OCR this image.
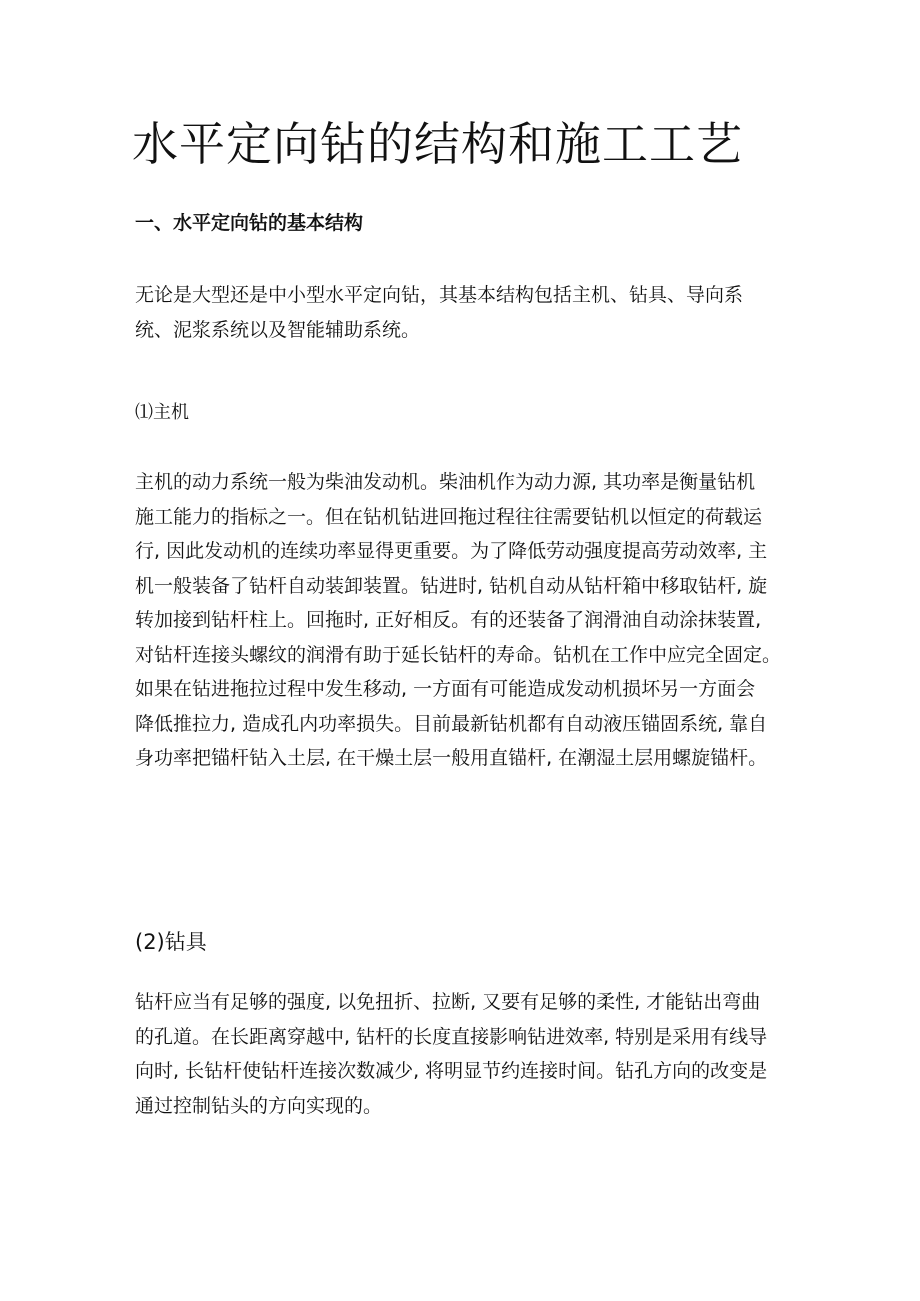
水平定向钻的结构和施工工艺
一、水平定向钻的基本结构

无论是大型还是中小型水平定向钻，其基本结构包括主机、钻具、导向系
统、泥浆系统以及智能辅助系统。

⑴主机

主机的动力系统一般为柴油发动机。柴油机作为动力源, 其功率是衡量钻机
施工能力的指标之一。但在钻机钻进回拖过程往往需要钻机以恒定的荷载运
行, 因此发动机的连续功率显得更重要。为了降低劳动强度提高劳动效率, 主
机一般装备了钻杆自动装卸装置。钻进时, 钻机自动从钻杆箱中移取钻杆, 旋
转加接到钻杆柱上。回拖时, 正好相反。有的还装备了润滑油自动涂抹装置,
对钻杆连接头螺纹的润滑有助于延长钻杆的寿命。钻机在工作中应完全固定。
如果在钻进拖拉过程中发生移动, 一方面有可能造成发动机损坏另一方面会
降低推拉力, 造成孔内功率损失。目前最新钻机都有自动液压锚固系统, 靠自
身功率把锚杆钻入土层, 在干燥土层一般用直锚杆, 在潮湿土层用螺旋锚杆。

(2)钻具

钻杆应当有足够的强度, 以免扭折、拉断, 又要有足够的柔性, 才能钻出弯曲
的孔道。在长距离穿越中, 钻杆的长度直接影响钻进效率, 特别是采用有线导
向时, 长钻杆使钻杆连接次数减少, 将明显节约连接时间。钻孔方向的改变是
通过控制钻头的方向实现的。
